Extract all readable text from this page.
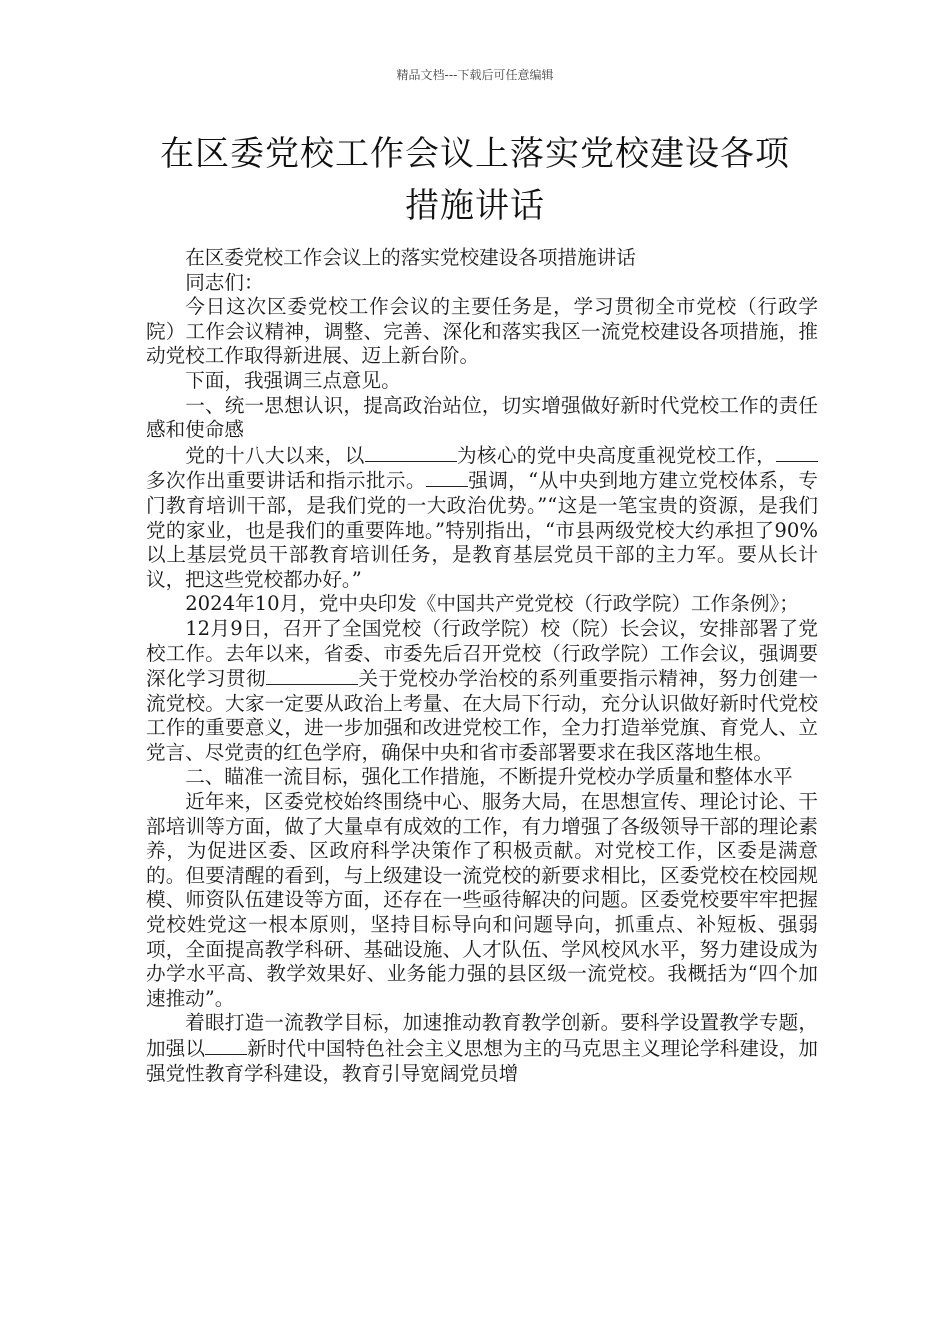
精品文档---下载后可任意编辑
在区委党校工作会议上落实党校建设各项
措施讲话

在区委党校工作会议上的落实党校建设各项措施讲话

同志们：

今日这次区委党校工作会议的主要任务是，学习贯彻全市党校（行政学院）工作会议精神，调整、完善、深化和落实我区一流党校建设各项措施，推动党校工作取得新进展、迈上新台阶。

下面，我强调三点意见。

一、统一思想认识，提高政治站位，切实增强做好新时代党校工作的责任感和使命感

党的十八大以来，以	为核心的党中央高度重视党校工作，多次作出重要讲话和指示批示。 强调，“从中央到地方建立党校体系，专门教育培训干部，是我们党的一大政治优势。”“这是一笔宝贵的资源，是我们党的家业，也是我们的重要阵地。”特别指出，“市县两级党校大约承担了90%以上基层党员干部教育培训任务，是教育基层党员干部的主力军。要从长计议，把这些党校都办好。”

2024年10月，党中央印发《中国共产党党校（行政学院）工作条例》；

12月9日，召开了全国党校（行政学院）校（院）长会议，安排部署了党校工作。去年以来，省委、市委先后召开党校（行政学院）工作会议，强调要深化学习贯彻	关于党校办学治校的系列重要指示精神，努力创建一流党校。大家一定要从政治上考量、在大局下行动，充分认识做好新时代党校工作的重要意义，进一步加强和改进党校工作，全力打造举党旗、育党人、立党言、尽党责的红色学府，确保中央和省市委部署要求在我区落地生根。

二、瞄准一流目标，强化工作措施，不断提升党校办学质量和整体水平

近年来，区委党校始终围绕中心、服务大局，在思想宣传、理论讨论、干部培训等方面，做了大量卓有成效的工作，有力增强了各级领导干部的理论素养，为促进区委、区政府科学决策作了积极贡献。对党校工作，区委是满意的。但要清醒的看到，与上级建设一流党校的新要求相比，区委党校在校园规模、师资队伍建设等方面，还存在一些亟待解决的问题。区委党校要牢牢把握党校姓党这一根本原则，坚持目标导向和问题导向，抓重点、补短板、强弱项，全面提高教学科研、基础设施、人才队伍、学风校风水平，努力建设成为办学水平高、教学效果好、业务能力强的县区级一流党校。我概括为“四个加速推动”。

着眼打造一流教学目标，加速推动教育教学创新。要科学设置教学专题，加强以 新时代中国特色社会主义思想为主的马克思主义理论学科建设，加强党性教育学科建设，教育引导宽阔党员增
